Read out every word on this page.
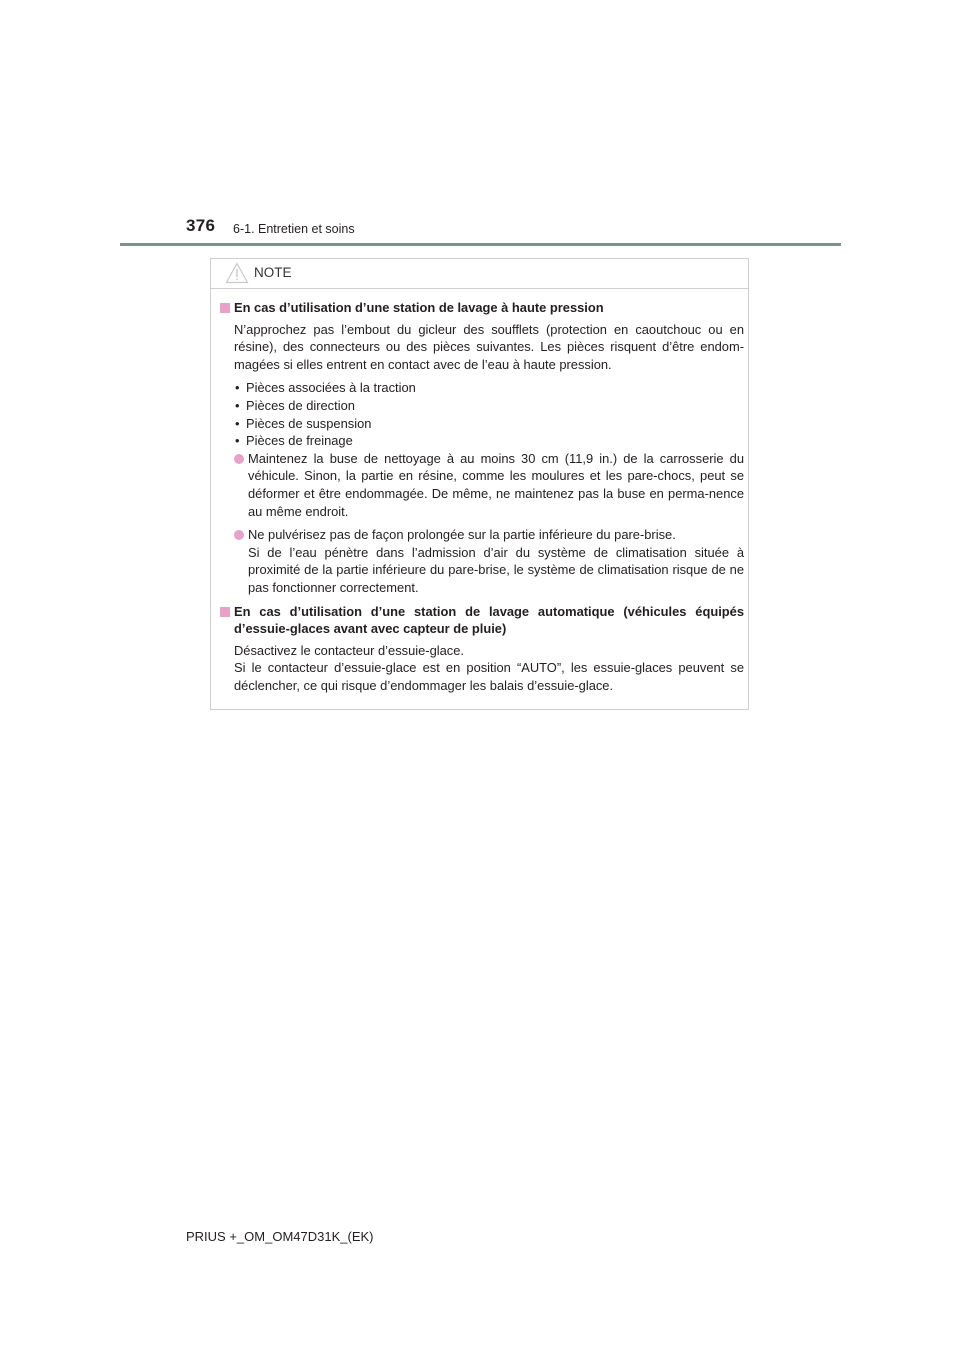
376 6-1. Entretien et soins
NOTE
En cas d’utilisation d’une station de lavage à haute pression
N’approchez pas l’embout du gicleur des soufflets (protection en caoutchouc ou en résine), des connecteurs ou des pièces suivantes. Les pièces risquent d’être endom-magées si elles entrent en contact avec de l’eau à haute pression.
• Pièces associées à la traction
• Pièces de direction
• Pièces de suspension
• Pièces de freinage
Maintenez la buse de nettoyage à au moins 30 cm (11,9 in.) de la carrosserie du véhicule. Sinon, la partie en résine, comme les moulures et les pare-chocs, peut se déformer et être endommagée. De même, ne maintenez pas la buse en perma-nence au même endroit.
Ne pulvérisez pas de façon prolongée sur la partie inférieure du pare-brise.
Si de l’eau pénètre dans l’admission d’air du système de climatisation située à proximité de la partie inférieure du pare-brise, le système de climatisation risque de ne pas fonctionner correctement.
En cas d’utilisation d’une station de lavage automatique (véhicules équipés d’essuie-glaces avant avec capteur de pluie)
Désactivez le contacteur d’essuie-glace.
Si le contacteur d’essuie-glace est en position “AUTO”, les essuie-glaces peuvent se déclencher, ce qui risque d’endommager les balais d’essuie-glace.
PRIUS +_OM_OM47D31K_(EK)
